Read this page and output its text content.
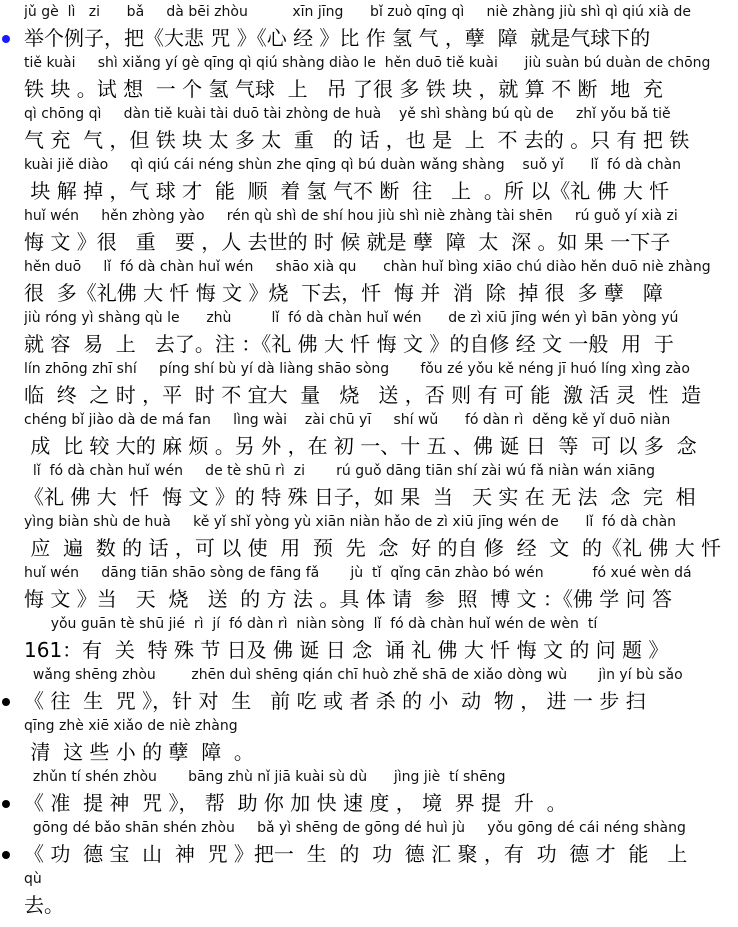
jǔ gè  lì   zi      bǎ     dà bēi zhòu          xīn jīng      bǐ zuò qīng qì     niè zhàng jiù shì qì qiú xià de
举个例子，把《大悲 咒 》《心 经 》比 作 氢 气 ，孽  障  就是气球下的
tiě kuài     shì xiǎng yí gè qīng qì qiú shàng diào le  hěn duō tiě kuài      jiù suàn bú duàn de chōng
铁 块 。试 想  一 个 氢 气球  上   吊 了很 多 铁 块 ，就 算 不 断  地  充
qì chōng qì     dàn tiě kuài tài duō tài zhòng de huà    yě shì shàng bú qù de     zhǐ yǒu bǎ tiě
气 充  气 ，但 铁 块 太 多 太  重   的 话 ，也 是  上  不 去的 。只 有 把 铁
kuài jiě diào     qì qiú cái néng shùn zhe qīng qì bú duàn wǎng shàng    suǒ yǐ      lǐ  fó dà chàn
块 解 掉 ，气 球 才  能  顺  着 氢 气不 断  往   上  。所 以《礼 佛 大 忏
huǐ wén     hěn zhòng yào     rén qù shì de shí hou jiù shì niè zhàng tài shēn     rú guǒ yí xià zi
悔 文 》很   重   要 ，人 去世的 时 候 就是 孽  障  太  深 。如 果 一下子
hěn duō     lǐ  fó dà chàn huǐ wén     shāo xià qu      chàn huǐ bìng xiāo chú diào hěn duō niè zhàng
很  多《礼佛 大 忏 悔 文 》烧  下去，忏  悔 并  消  除  掉 很  多 孽   障
jiù róng yì shàng qù le      zhù         lǐ  fó dà chàn huǐ wén      de zì xiū jīng wén yì bān yòng yú
就 容  易  上   去了。注 ：《礼 佛 大 忏 悔 文 》的自修 经 文 一般  用  于
lín zhōng zhī shí     píng shí bù yí dà liàng shāo sòng       fǒu zé yǒu kě néng jī huó líng xìng zào
临  终  之 时 ，平  时 不 宜大  量   烧   送 ，否 则 有 可 能  激 活 灵  性  造
chéng bǐ jiào dà de má fan     lìng wài    zài chū yī     shí wǔ      fó dàn rì  děng kě yǐ duō niàn
成  比 较 大的 麻 烦 。另 外 ，在 初 一、十 五 、佛 诞 日  等  可 以 多  念
lǐ  fó dà chàn huǐ wén     de tè shū rì  zi       rú guǒ dāng tiān shí zài wú fǎ niàn wán xiāng
《礼 佛 大  忏  悔 文 》的 特 殊 日子，如 果  当   天 实 在 无 法  念  完  相
yìng biàn shù de huà     kě yǐ shǐ yòng yù xiān niàn hǎo de zì xiū jīng wén de      lǐ  fó dà chàn
应  遍  数 的 话 ，可 以 使  用  预  先  念  好 的自 修  经  文  的《礼 佛 大 忏
huǐ wén     dāng tiān shāo sòng de fāng fǎ       jù  tǐ  qǐng cān zhào bó wén           fó xué wèn dá
悔 文 》当   天  烧   送  的 方 法 。具 体 请  参  照  博 文 ：《佛 学 问 答
yǒu guān tè shū jié  rì  jí  fó dàn rì  niàn sòng  lǐ  fó dà chàn huǐ wén de wèn  tí
161：有  关  特 殊 节 日及 佛 诞 日 念  诵 礼 佛 大 忏 悔 文 的 问 题 》
wǎng shēng zhòu        zhēn duì shēng qián chī huò zhě shā de xiǎo dòng wù       jìn yí bù sǎo
《 往  生  咒 》，针 对  生   前 吃 或 者 杀 的 小  动  物 ， 进 一 步 扫
qīng zhè xiē xiǎo de niè zhàng
清  这 些 小 的 孽  障  。
zhǔn tí shén zhòu       bāng zhù nǐ jiā kuài sù dù      jìng jiè  tí shēng
《 准  提 神  咒 》， 帮  助 你 加 快 速 度 ， 境  界 提  升  。
gōng dé bǎo shān shén zhòu     bǎ yì shēng de gōng dé huì jù     yǒu gōng dé cái néng shàng
《 功  德 宝  山  神  咒 》把一  生  的  功  德 汇 聚 ，有  功  德 才  能   上
qù
去。
